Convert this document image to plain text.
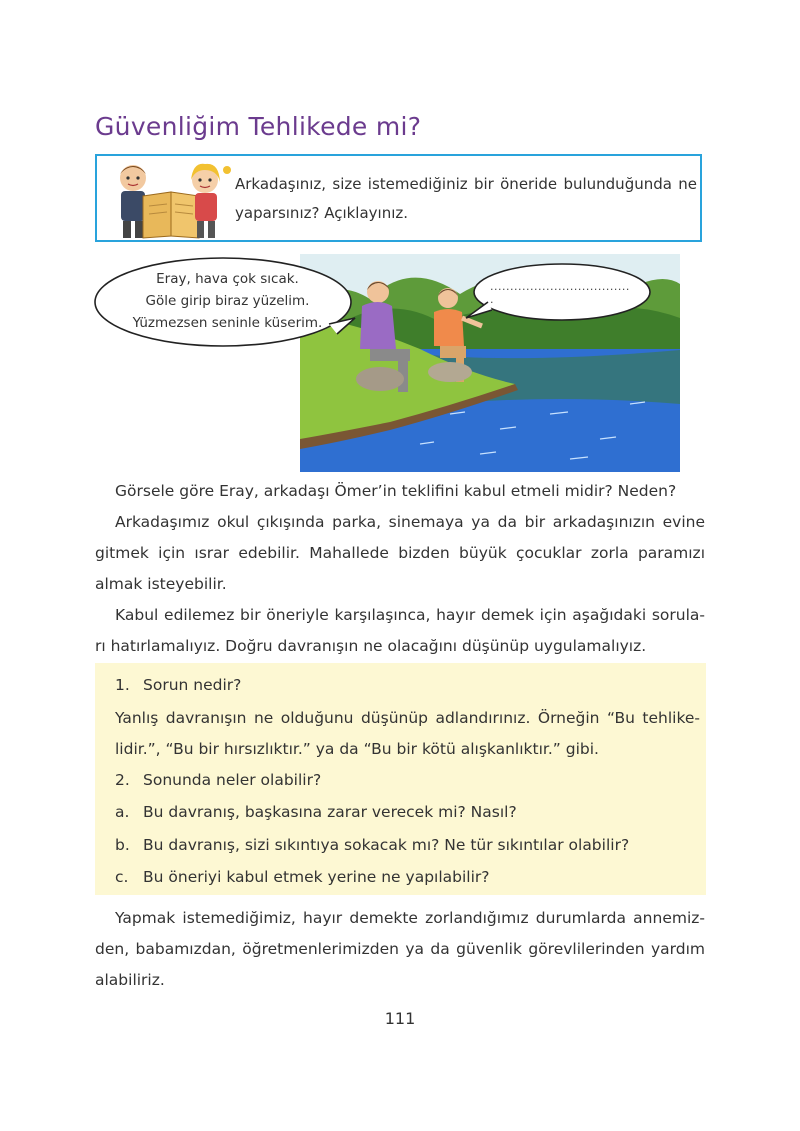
Güvenliğim Tehlikede mi?
Arkadaşınız, size istemediğiniz bir öneride bulunduğunda ne yaparsınız? Açıklayınız.
Eray, hava çok sıcak.
Göle girip biraz yüzelim.
Yüzmezsen seninle küserim.
................................... .
Görsele göre Eray, arkadaşı Ömer’in teklifini kabul etmeli midir? Neden?
Arkadaşımız okul çıkışında parka, sinemaya ya da bir arkadaşınızın evine gitmek için ısrar edebilir. Mahallede bizden büyük çocuklar zorla paramızı almak isteyebilir.
Kabul edilemez bir öneriyle karşılaşınca, hayır demek için aşağıdaki sorula- rı hatırlamalıyız. Doğru davranışın ne olacağını düşünüp uygulamalıyız.
1. Sorun nedir?
Yanlış davranışın ne olduğunu düşünüp adlandırınız. Örneğin “Bu tehlike- lidir.”, “Bu bir hırsızlıktır.” ya da “Bu bir kötü alışkanlıktır.” gibi.
2. Sonunda neler olabilir?
a. Bu davranış, başkasına zarar verecek mi? Nasıl?
b. Bu davranış, sizi sıkıntıya sokacak mı? Ne tür sıkıntılar olabilir?
c. Bu öneriyi kabul etmek yerine ne yapılabilir?
Yapmak istemediğimiz, hayır demekte zorlandığımız durumlarda annemiz- den, babamızdan, öğretmenlerimizden ya da güvenlik görevlilerinden yardım alabiliriz.
111
